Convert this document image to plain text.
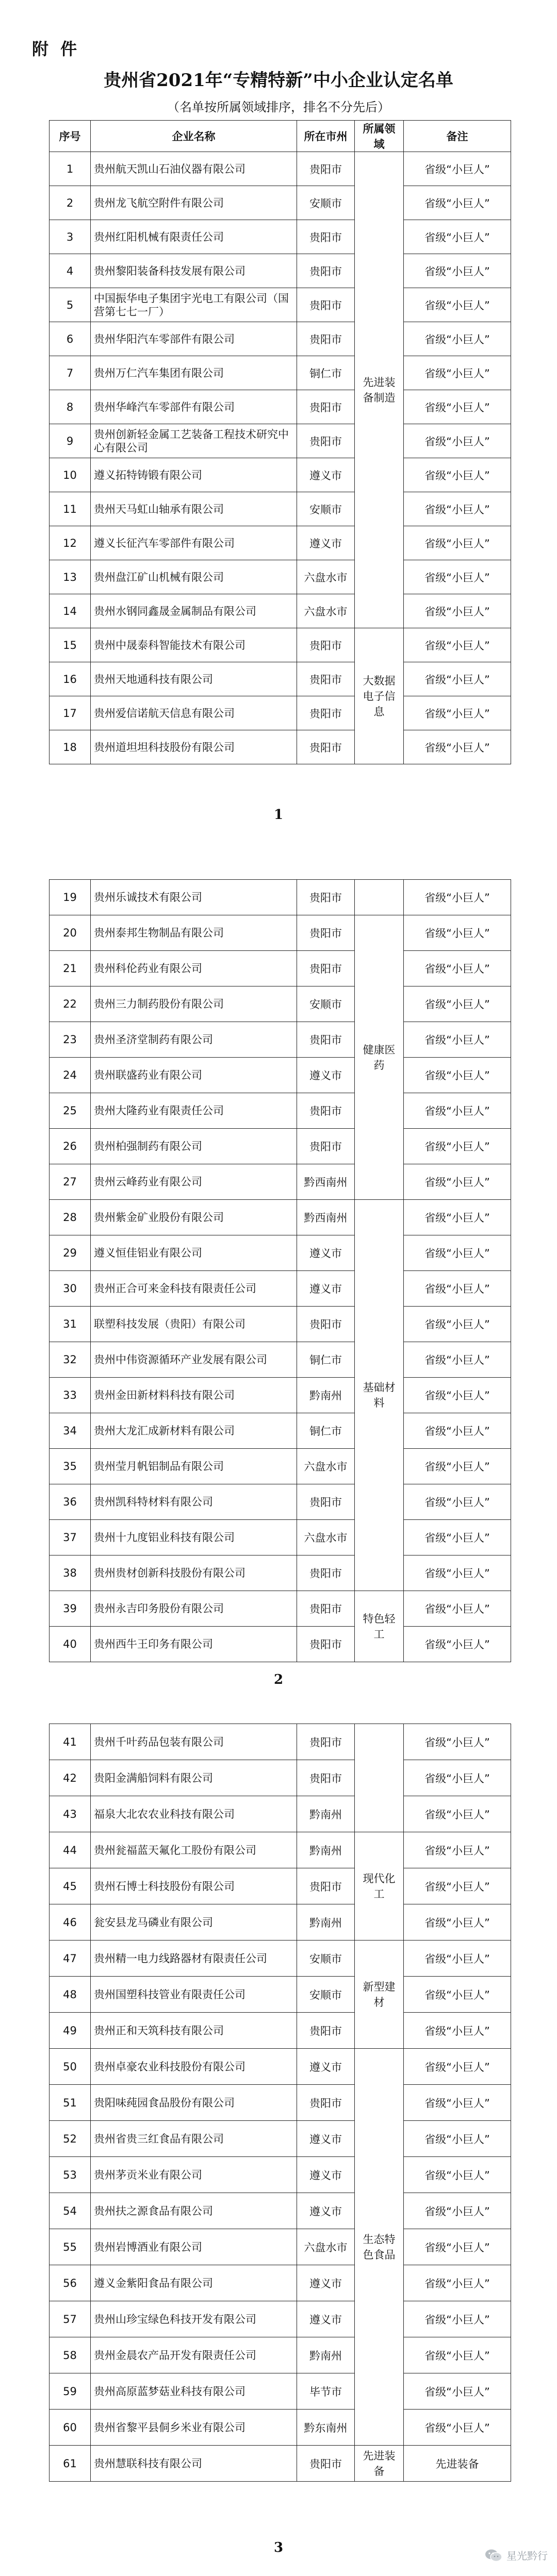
附 件
贵州省2021年“专精特新”中小企业认定名单
（名单按所属领域排序，排名不分先后）
序号	企业名称	所在市州	所属领域	备注
1	贵州航天凯山石油仪器有限公司	贵阳市	先进装备制造	省级“小巨人”
2	贵州龙飞航空附件有限公司	安顺市		省级“小巨人”
3	贵州红阳机械有限责任公司	贵阳市		省级“小巨人”
4	贵州黎阳装备科技发展有限公司	贵阳市		省级“小巨人”
5	中国振华电子集团宇光电工有限公司（国营第七七一厂）	贵阳市		省级“小巨人”
6	贵州华阳汽车零部件有限公司	贵阳市		省级“小巨人”
7	贵州万仁汽车集团有限公司	铜仁市		省级“小巨人”
8	贵州华峰汽车零部件有限公司	贵阳市		省级“小巨人”
9	贵州创新轻金属工艺装备工程技术研究中心有限公司	贵阳市		省级“小巨人”
10	遵义拓特铸锻有限公司	遵义市		省级“小巨人”
11	贵州天马虹山轴承有限公司	安顺市		省级“小巨人”
12	遵义长征汽车零部件有限公司	遵义市		省级“小巨人”
13	贵州盘江矿山机械有限公司	六盘水市		省级“小巨人”
14	贵州水钢同鑫晟金属制品有限公司	六盘水市		省级“小巨人”
15	贵州中晟泰科智能技术有限公司	贵阳市	大数据电子信息	省级“小巨人”
16	贵州天地通科技有限公司	贵阳市		省级“小巨人”
17	贵州爱信诺航天信息有限公司	贵阳市		省级“小巨人”
18	贵州道坦坦科技股份有限公司	贵阳市		省级“小巨人”
1
19	贵州乐诚技术有限公司	贵阳市		省级“小巨人”
20	贵州泰邦生物制品有限公司	贵阳市	健康医药	省级“小巨人”
21	贵州科伦药业有限公司	贵阳市		省级“小巨人”
22	贵州三力制药股份有限公司	安顺市		省级“小巨人”
23	贵州圣济堂制药有限公司	贵阳市		省级“小巨人”
24	贵州联盛药业有限公司	遵义市		省级“小巨人”
25	贵州大隆药业有限责任公司	贵阳市		省级“小巨人”
26	贵州柏强制药有限公司	贵阳市		省级“小巨人”
27	贵州云峰药业有限公司	黔西南州		省级“小巨人”
28	贵州紫金矿业股份有限公司	黔西南州	基础材料	省级“小巨人”
29	遵义恒佳铝业有限公司	遵义市		省级“小巨人”
30	贵州正合可来金科技有限责任公司	遵义市		省级“小巨人”
31	联塑科技发展（贵阳）有限公司	贵阳市		省级“小巨人”
32	贵州中伟资源循环产业发展有限公司	铜仁市		省级“小巨人”
33	贵州金田新材料科技有限公司	黔南州		省级“小巨人”
34	贵州大龙汇成新材料有限公司	铜仁市		省级“小巨人”
35	贵州莹月帆铝制品有限公司	六盘水市		省级“小巨人”
36	贵州凯科特材料有限公司	贵阳市		省级“小巨人”
37	贵州十九度铝业科技有限公司	六盘水市		省级“小巨人”
38	贵州贵材创新科技股份有限公司	贵阳市		省级“小巨人”
39	贵州永吉印务股份有限公司	贵阳市	特色轻工	省级“小巨人”
40	贵州西牛王印务有限公司	贵阳市		省级“小巨人”
2
41	贵州千叶药品包装有限公司	贵阳市		省级“小巨人”
42	贵阳金满船饲料有限公司	贵阳市		省级“小巨人”
43	福泉大北农农业科技有限公司	黔南州		省级“小巨人”
44	贵州瓮福蓝天氟化工股份有限公司	黔南州	现代化工	省级“小巨人”
45	贵州石博士科技股份有限公司	贵阳市		省级“小巨人”
46	瓮安县龙马磷业有限公司	黔南州		省级“小巨人”
47	贵州精一电力线路器材有限责任公司	安顺市	新型建材	省级“小巨人”
48	贵州国塑科技管业有限责任公司	安顺市		省级“小巨人”
49	贵州正和天筑科技有限公司	贵阳市		省级“小巨人”
50	贵州卓豪农业科技股份有限公司	遵义市	生态特色食品	省级“小巨人”
51	贵阳味莼园食品股份有限公司	贵阳市		省级“小巨人”
52	贵州省贵三红食品有限公司	遵义市		省级“小巨人”
53	贵州茅贡米业有限公司	遵义市		省级“小巨人”
54	贵州扶之源食品有限公司	遵义市		省级“小巨人”
55	贵州岩博酒业有限公司	六盘水市		省级“小巨人”
56	遵义金紫阳食品有限公司	遵义市		省级“小巨人”
57	贵州山珍宝绿色科技开发有限公司	遵义市		省级“小巨人”
58	贵州金晨农产品开发有限责任公司	黔南州		省级“小巨人”
59	贵州高原蓝梦菇业科技有限公司	毕节市		省级“小巨人”
60	贵州省黎平县侗乡米业有限公司	黔东南州		省级“小巨人”
61	贵州慧联科技有限公司	贵阳市	先进装备	先进装备
3
星光黔行
